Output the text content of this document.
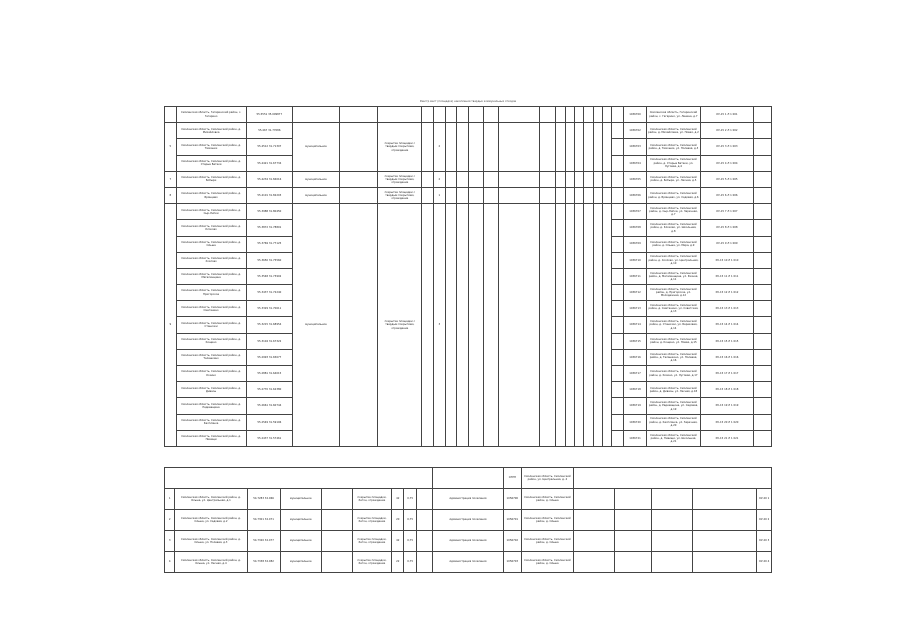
Реестр мест (площадок) накопления твердых коммунальных отходов
	Смоленская область, Гагаринский район, с. Гагарино	55.5551 35.009877																			1036700	Смоленская область, Гагаринский район, с. Гагарино, ул. Ленина, д.7	КУ-15 1 Л 1 001	
5	Смоленская область, Смоленский район, д. Михайловка	55.467 31.77086	муниципальное		покрытие площадки с твердым покрытием, ограждение		2														1036702	Смоленская область, Смоленский район, д. Михайловка, ул. Новая, д.2	КУ-15 2 Л 1 002	
	Смоленская область, Смоленский район, д. Тимошки	55.4512 31.71307																			1036703	Смоленская область, Смоленский район, д. Тимошки, ул. Полевая, д.3	КУ-15 3 Л 1 003	
	Смоленская область, Смоленский район, д. Старые Батеки	55.4421 31.67734																			1036704	Смоленская область, Смоленский район, д. Старые Батеки, ул. Луговая, д.4	КУ-15 4 Л 1 004	
7	Смоленская область, Смоленский район, д. Бобыри	55.4234 31.84016	муниципальное		покрытие площадки с твердым покрытием, ограждение		2														1036705	Смоленская область, Смоленский район, д. Бобыри, ул. Лесная, д.5	КУ-15 5 Л 1 005	
8	Смоленская область, Смоленский район, д. Брянцево	55.4101 31.82203	муниципальное		покрытие площадки с твердым покрытием, ограждение		1														1036706	Смоленская область, Смоленский район, д. Брянцево, ул. Садовая, д.6	КУ-15 6 Л 1 006	
9	Смоленская область, Смоленский район, д. Сыр-Липки	55.3988 31.80450	муниципальное		покрытие площадки с твердым покрытием, ограждение		3														1036707	Смоленская область, Смоленский район, д. Сыр-Липки, ул. Заречная, д.7	КУ-15 7 Л 1 007	
	Смоленская область, Смоленский район, д. Клоково	55.3872 31.78801																			1036708	Смоленская область, Смоленский район, д. Клоково, ул. Школьная, д.8	КУ-15 8 Л 1 008	
	Смоленская область, Смоленский район, д. Ольша	55.3769 31.77125																			1036709	Смоленская область, Смоленский район, д. Ольша, ул. Мира, д.9	КУ-15 9 Л 1 009	
	Смоленская область, Смоленский район, д. Хохлово	55.3650 31.75560																			1036710	Смоленская область, Смоленский район, д. Хохлово, ул. Центральная, д.10	КУ-15 10 Л 1 010	
	Смоленская область, Смоленский район, д. Магалинщина	55.3548 31.73902																			1036711	Смоленская область, Смоленский район, д. Магалинщина, ул. Речная, д.11	КУ-15 11 Л 1 011	
	Смоленская область, Смоленский район, д. Пригорское	55.3437 31.72240																			1036712	Смоленская область, Смоленский район, д. Пригорское, ул. Молодежная, д.12	КУ-15 12 Л 1 012	
	Смоленская область, Смоленский район, д. Сметанино	55.3329 31.70611																			1036713	Смоленская область, Смоленский район, д. Сметанино, ул. Советская, д.13	КУ-15 13 Л 1 013	
	Смоленская область, Смоленский район, д. Станички	55.3215 31.68954																			1036714	Смоленская область, Смоленский район, д. Станички, ул. Березовая, д.14	КУ-15 14 Л 1 014	
	Смоленская область, Смоленский район, д. Кощино	55.3104 31.67322																			1036715	Смоленская область, Смоленский район, д. Кощино, ул. Новая, д.15	КУ-15 15 Л 1 015	
	Смоленская область, Смоленский район, д. Талашкино	55.2993 31.65677																			1036716	Смоленская область, Смоленский район, д. Талашкино, ул. Полевая, д.16	КУ-15 16 Л 1 016	
	Смоленская область, Смоленский район, д. Козино	55.2881 31.64015																			1036717	Смоленская область, Смоленский район, д. Козино, ул. Луговая, д.17	КУ-15 17 Л 1 017	
	Смоленская область, Смоленский район, д. Дивасы	55.2770 31.62380																			1036718	Смоленская область, Смоленский район, д. Дивасы, ул. Лесная, д.18	КУ-15 18 Л 1 018	
	Смоленская область, Смоленский район, д. Радкевщина	55.2661 31.60744																			1036719	Смоленская область, Смоленский район, д. Радкевщина, ул. Садовая, д.19	КУ-15 19 Л 1 019	
	Смоленская область, Смоленский район, д. Касплянка	55.2549 31.59106																			1036720	Смоленская область, Смоленский район, д. Касплянка, ул. Заречная, д.20	КУ-15 20 Л 1 020	
	Смоленская область, Смоленский район, д. Нивищи	55.2437 31.57461																			1036721	Смоленская область, Смоленский район, д. Нивищи, ул. Школьная, д.21	КУ-15 21 Л 1 021	
										ОГРН	Смоленская область, Смоленский район, ул. Центральная, д. 4					
1	Смоленская область, Смоленский район, д. Ольша, ул. Центральная, д.1	54.7283 32.066	муниципальное		покрытие площадки, бетон, ограждение	42	0,75		Администрация поселения	1056700	Смоленская область, Смоленский район, д. Ольша					КУ-20 1
2	Смоленская область, Смоленский район, д. Ольша, ул. Садовая, д.2	54.7301 32.071	муниципальное		покрытие площадки, бетон, ограждение	20	0,75		Администрация поселения	1056701	Смоленская область, Смоленский район, д. Ольша					КУ-20 2
3	Смоленская область, Смоленский район, д. Ольша, ул. Полевая, д.3	54.7320 32.077	муниципальное		покрытие площадки, бетон, ограждение	42	0,75		Администрация поселения	1056702	Смоленская область, Смоленский район, д. Ольша					КУ-20 3
4	Смоленская область, Смоленский район, д. Ольша, ул. Лесная, д.4	54.7338 32.082	муниципальное		покрытие площадки, бетон, ограждение	22	0,75		Администрация поселения	1056703	Смоленская область, Смоленский район, д. Ольша					КУ-20 4
